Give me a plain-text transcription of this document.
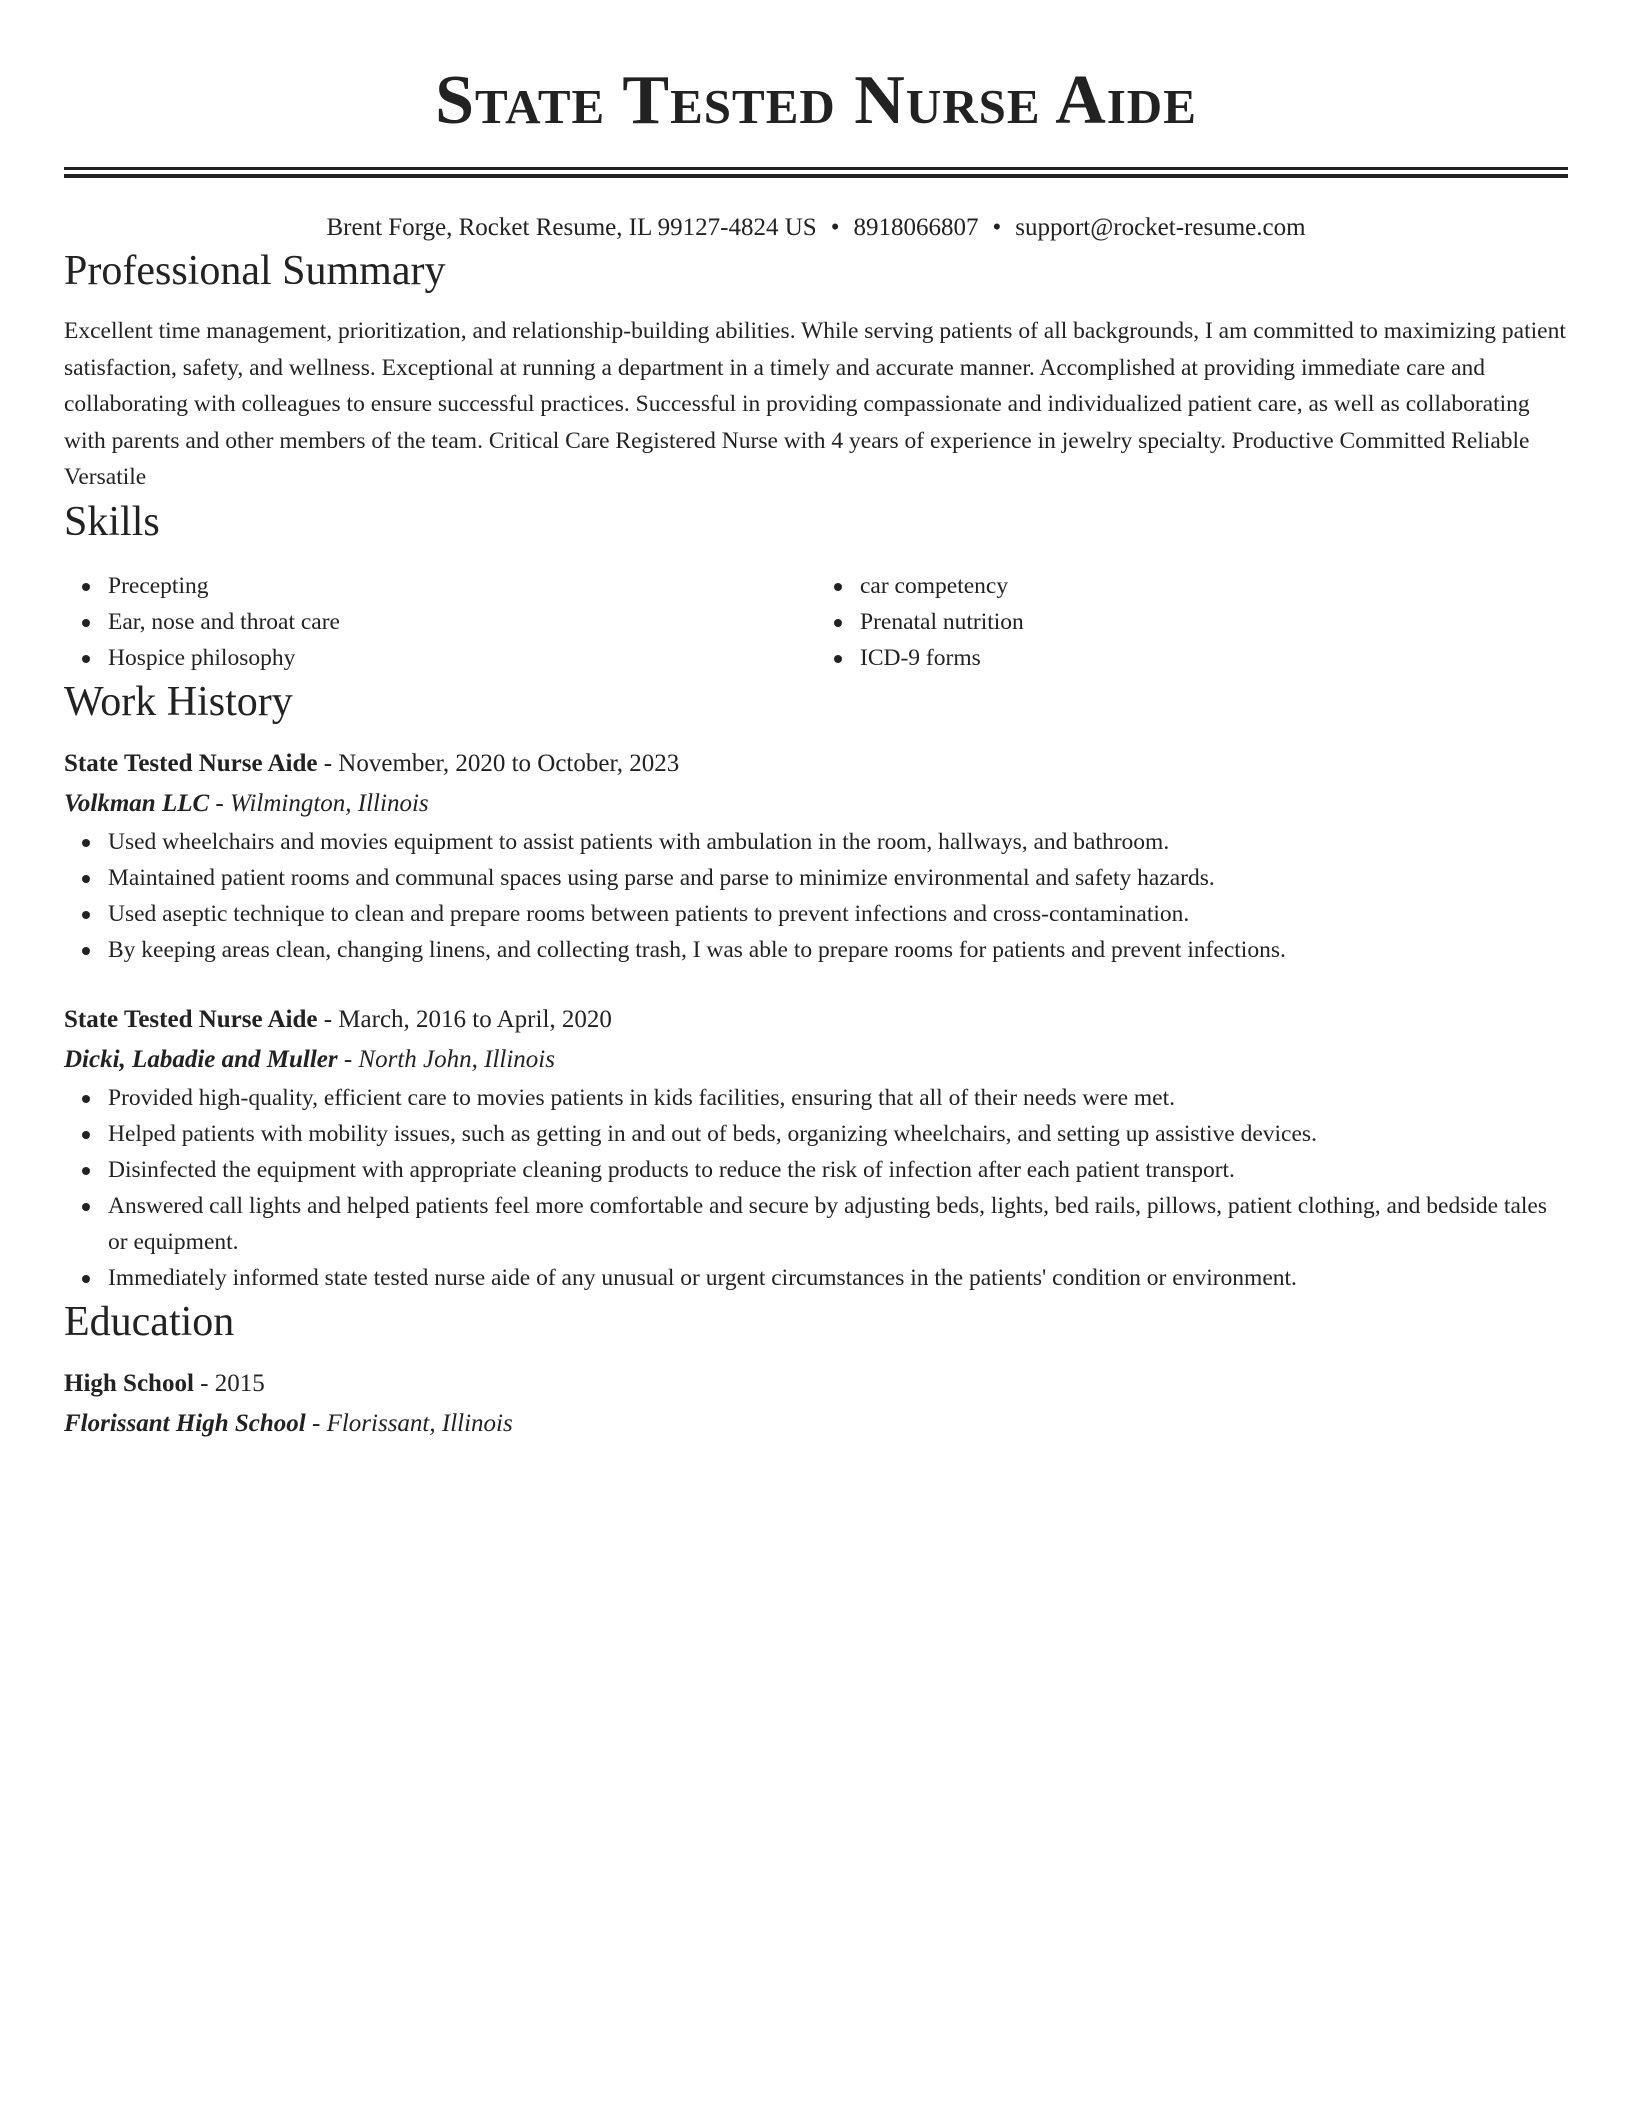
State Tested Nurse Aide
Brent Forge, Rocket Resume, IL 99127-4824 US • 8918066807 • support@rocket-resume.com
Professional Summary

Excellent time management, prioritization, and relationship-building abilities. While serving patients of all backgrounds, I am committed to maximizing patient satisfaction, safety, and wellness. Exceptional at running a department in a timely and accurate manner. Accomplished at providing immediate care and collaborating with colleagues to ensure successful practices. Successful in providing compassionate and individualized patient care, as well as collaborating with parents and other members of the team. Critical Care Registered Nurse with 4 years of experience in jewelry specialty. Productive Committed Reliable Versatile

Skills
Precepting
Ear, nose and throat care
Hospice philosophy
car competency
Prenatal nutrition
ICD-9 forms
Work History
State Tested Nurse Aide - November, 2020 to October, 2023
Volkman LLC - Wilmington, Illinois
Used wheelchairs and movies equipment to assist patients with ambulation in the room, hallways, and bathroom.
Maintained patient rooms and communal spaces using parse and parse to minimize environmental and safety hazards.
Used aseptic technique to clean and prepare rooms between patients to prevent infections and cross-contamination.
By keeping areas clean, changing linens, and collecting trash, I was able to prepare rooms for patients and prevent infections.
State Tested Nurse Aide - March, 2016 to April, 2020
Dicki, Labadie and Muller - North John, Illinois
Provided high-quality, efficient care to movies patients in kids facilities, ensuring that all of their needs were met.
Helped patients with mobility issues, such as getting in and out of beds, organizing wheelchairs, and setting up assistive devices.
Disinfected the equipment with appropriate cleaning products to reduce the risk of infection after each patient transport.
Answered call lights and helped patients feel more comfortable and secure by adjusting beds, lights, bed rails, pillows, patient clothing, and bedside tales or equipment.
Immediately informed state tested nurse aide of any unusual or urgent circumstances in the patients' condition or environment.
Education
High School - 2015
Florissant High School - Florissant, Illinois
